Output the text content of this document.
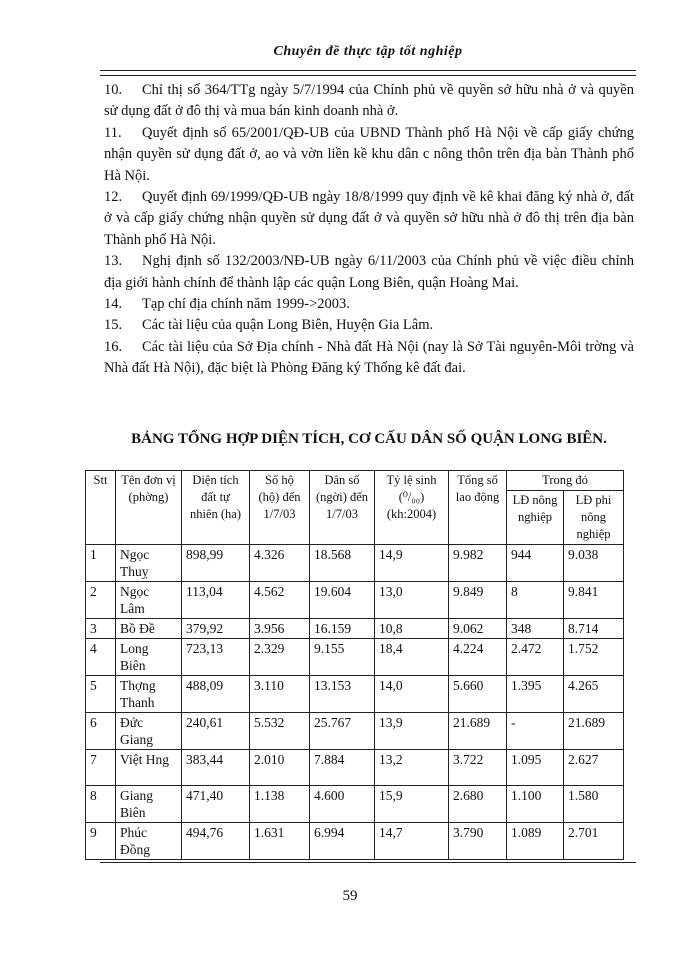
Chuyên đề thực tập tốt nghiệp

10. Chỉ thị số 364/TTg ngày 5/7/1994 của Chính phủ về quyền sở hữu nhà ở và quyền sử dụng đất ở đô thị và mua bán kinh doanh nhà ở.

11. Quyết định số 65/2001/QĐ-UB của UBND Thành phố Hà Nội về cấp giấy chứng nhận quyền sử dụng đất ở, ao và vờn liền kề khu dân c nông thôn trên địa bàn Thành phố Hà Nội.

12. Quyết định 69/1999/QĐ-UB ngày 18/8/1999 quy định về kê khai đăng ký nhà ở, đất ở và cấp giấy chứng nhận quyền sử dụng đất ở và quyền sở hữu nhà ở đô thị trên địa bàn Thành phố Hà Nội.

13. Nghị định số 132/2003/NĐ-UB ngày 6/11/2003 của Chính phủ về việc điều chỉnh địa giới hành chính để thành lập các quận Long Biên, quận Hoàng Mai.

14. Tạp chí địa chính năm 1999->2003.

15. Các tài liệu của quận Long Biên, Huyện Gia Lâm.

16. Các tài liệu của Sở Địa chính - Nhà đất Hà Nội (nay là Sở Tài nguyên-Môi trờng và Nhà đất Hà Nội), đặc biệt là Phòng Đăng ký Thống kê đất đai.

BẢNG TỔNG HỢP DIỆN TÍCH, CƠ CẤU DÂN SỐ QUẬN LONG BIÊN.
Stt	Tên đơn vị (phờng)	Diện tích đất tự nhiên (ha)	Số hộ (hộ) đến 1/7/03	Dân số (ngời) đến 1/7/03	Tỷ lệ sinh (⁰/₀₀) (kh:2004)	Tổng số lao động	Trong đó	
							LĐ nông nghiệp	LĐ phi nông nghiệp
1	Ngọc Thuỵ	898,99	4.326	18.568	14,9	9.982	944	9.038
2	Ngọc Lâm	113,04	4.562	19.604	13,0	9.849	8	9.841
3	Bồ Đề	379,92	3.956	16.159	10,8	9.062	348	8.714
4	Long Biên	723,13	2.329	9.155	18,4	4.224	2.472	1.752
5	Thợng Thanh	488,09	3.110	13.153	14,0	5.660	1.395	4.265
6	Đức Giang	240,61	5.532	25.767	13,9	21.689	-	21.689
7	Việt Hng	383,44	2.010	7.884	13,2	3.722	1.095	2.627
8	Giang Biên	471,40	1.138	4.600	15,9	2.680	1.100	1.580
9	Phúc Đồng	494,76	1.631	6.994	14,7	3.790	1.089	2.701
59
